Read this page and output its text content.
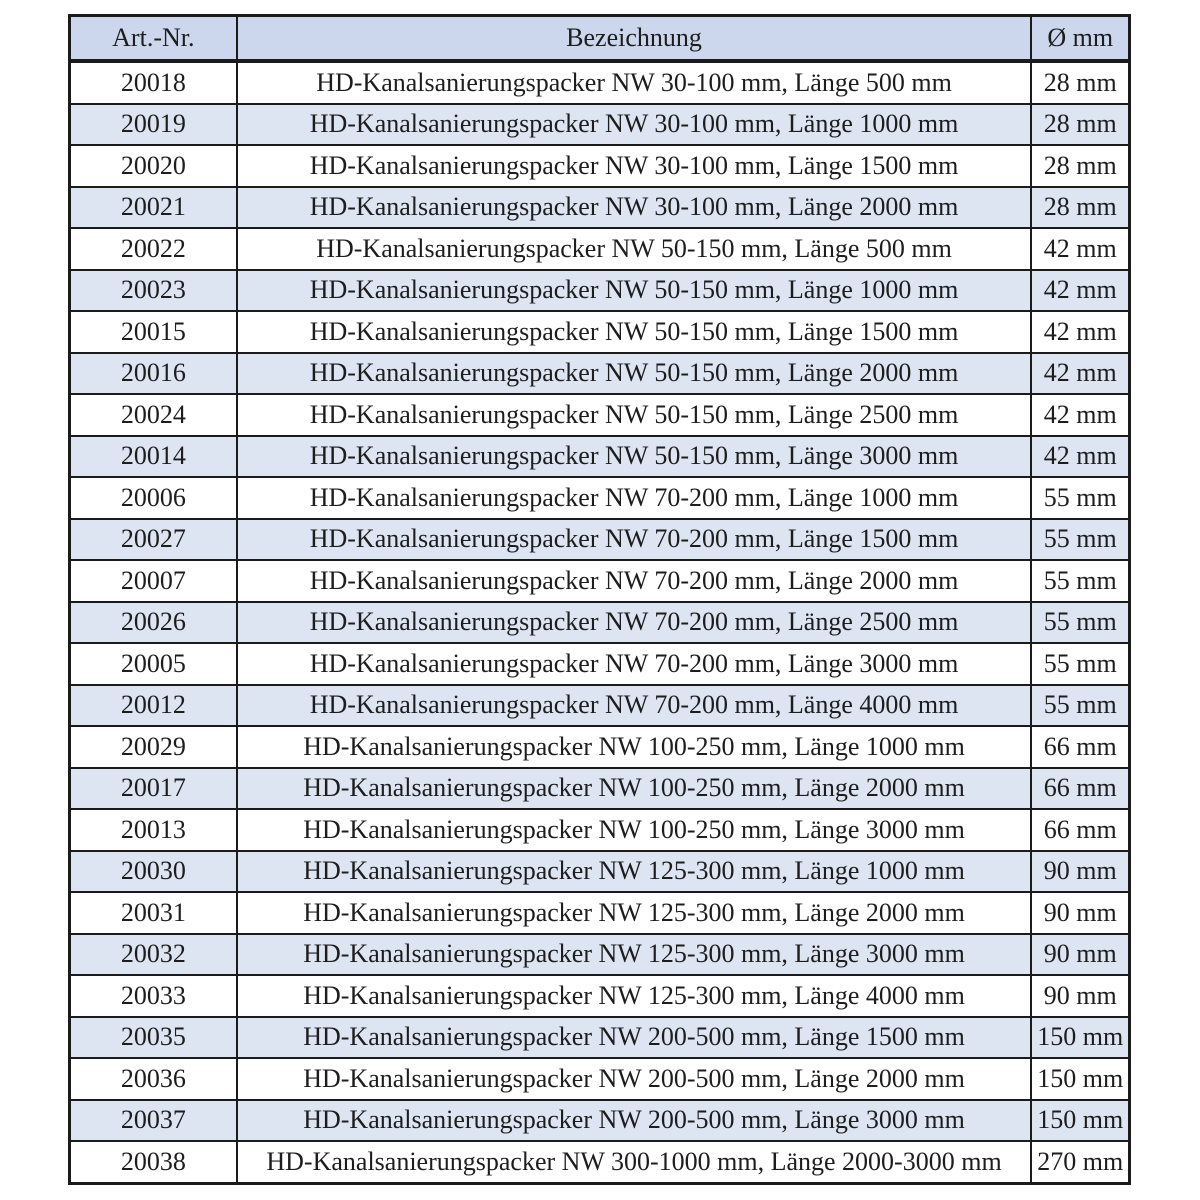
Art.-Nr.	Bezeichnung	Ø mm
20018	HD-Kanalsanierungspacker NW 30-100 mm, Länge 500 mm	28 mm
20019	HD-Kanalsanierungspacker NW 30-100 mm, Länge 1000 mm	28 mm
20020	HD-Kanalsanierungspacker NW 30-100 mm, Länge 1500 mm	28 mm
20021	HD-Kanalsanierungspacker NW 30-100 mm, Länge 2000 mm	28 mm
20022	HD-Kanalsanierungspacker NW 50-150 mm, Länge 500 mm	42 mm
20023	HD-Kanalsanierungspacker NW 50-150 mm, Länge 1000 mm	42 mm
20015	HD-Kanalsanierungspacker NW 50-150 mm, Länge 1500 mm	42 mm
20016	HD-Kanalsanierungspacker NW 50-150 mm, Länge 2000 mm	42 mm
20024	HD-Kanalsanierungspacker NW 50-150 mm, Länge 2500 mm	42 mm
20014	HD-Kanalsanierungspacker NW 50-150 mm, Länge 3000 mm	42 mm
20006	HD-Kanalsanierungspacker NW 70-200 mm, Länge 1000 mm	55 mm
20027	HD-Kanalsanierungspacker NW 70-200 mm, Länge 1500 mm	55 mm
20007	HD-Kanalsanierungspacker NW 70-200 mm, Länge 2000 mm	55 mm
20026	HD-Kanalsanierungspacker NW 70-200 mm, Länge 2500 mm	55 mm
20005	HD-Kanalsanierungspacker NW 70-200 mm, Länge 3000 mm	55 mm
20012	HD-Kanalsanierungspacker NW 70-200 mm, Länge 4000 mm	55 mm
20029	HD-Kanalsanierungspacker NW 100-250 mm, Länge 1000 mm	66 mm
20017	HD-Kanalsanierungspacker NW 100-250 mm, Länge 2000 mm	66 mm
20013	HD-Kanalsanierungspacker NW 100-250 mm, Länge 3000 mm	66 mm
20030	HD-Kanalsanierungspacker NW 125-300 mm, Länge 1000 mm	90 mm
20031	HD-Kanalsanierungspacker NW 125-300 mm, Länge 2000 mm	90 mm
20032	HD-Kanalsanierungspacker NW 125-300 mm, Länge 3000 mm	90 mm
20033	HD-Kanalsanierungspacker NW 125-300 mm, Länge 4000 mm	90 mm
20035	HD-Kanalsanierungspacker NW 200-500 mm, Länge 1500 mm	150 mm
20036	HD-Kanalsanierungspacker NW 200-500 mm, Länge 2000 mm	150 mm
20037	HD-Kanalsanierungspacker NW 200-500 mm, Länge 3000 mm	150 mm
20038	HD-Kanalsanierungspacker NW 300-1000 mm, Länge 2000-3000 mm	270 mm
